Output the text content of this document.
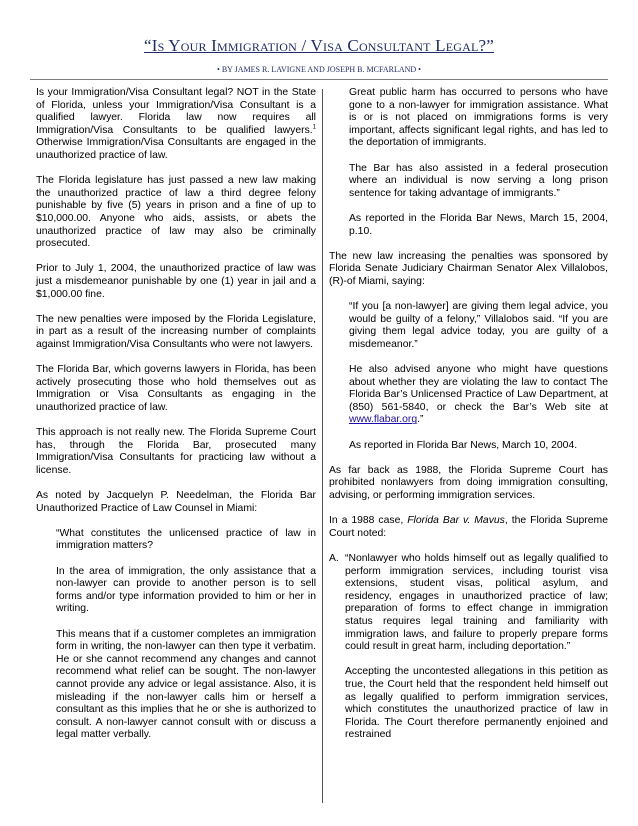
“Is Your Immigration / Visa Consultant Legal?”
• BY JAMES R. LAVIGNE AND JOSEPH B. MCFARLAND •

Is your Immigration/Visa Consultant legal? NOT in the State of Florida, unless your Immigration/Visa Consultant is a qualified lawyer. Florida law now requires all Immigration/Visa Consultants to be qualified lawyers.$^1$ Otherwise Immigration/Visa Consultants are engaged in the unauthorized practice of law.

The Florida legislature has just passed a new law making the unauthorized practice of law a third degree felony punishable by five (5) years in prison and a fine of up to $10,000.00. Anyone who aids, assists, or abets the unauthorized practice of law may also be criminally prosecuted.

Prior to July 1, 2004, the unauthorized practice of law was just a misdemeanor punishable by one (1) year in jail and a $1,000.00 fine.

The new penalties were imposed by the Florida Legislature, in part as a result of the increasing number of complaints against Immigration/Visa Consultants who were not lawyers.

The Florida Bar, which governs lawyers in Florida, has been actively prosecuting those who hold themselves out as Immigration or Visa Consultants as engaging in the unauthorized practice of law.

This approach is not really new. The Florida Supreme Court has, through the Florida Bar, prosecuted many Immigration/Visa Consultants for practicing law without a license.

As noted by Jacquelyn P. Needelman, the Florida Bar Unauthorized Practice of Law Counsel in Miami:

“What constitutes the unlicensed practice of law in immigration matters?

In the area of immigration, the only assistance that a non-lawyer can provide to another person is to sell forms and/or type information provided to him or her in writing.

This means that if a customer completes an immigration form in writing, the non-lawyer can then type it verbatim. He or she cannot recommend any changes and cannot recommend what relief can be sought. The non-lawyer cannot provide any advice or legal assistance. Also, it is misleading if the non-lawyer calls him or herself a consultant as this implies that he or she is authorized to consult. A non-lawyer cannot consult with or discuss a legal matter verbally.

Great public harm has occurred to persons who have gone to a non-lawyer for immigration assistance. What is or is not placed on immigrations forms is very important, affects significant legal rights, and has led to the deportation of immigrants.

The Bar has also assisted in a federal prosecution where an individual is now serving a long prison sentence for taking advantage of immigrants.”

As reported in the Florida Bar News, March 15, 2004, p.10.

The new law increasing the penalties was sponsored by Florida Senate Judiciary Chairman Senator Alex Villalobos, (R)-of Miami, saying:

“If you [a non-lawyer] are giving them legal advice, you would be guilty of a felony,” Villalobos said. “If you are giving them legal advice today, you are guilty of a misdemeanor.”

He also advised anyone who might have questions about whether they are violating the law to contact The Florida Bar’s Unlicensed Practice of Law Department, at (850) 561-5840, or check the Bar’s Web site at www.flabar.org.”

As reported in Florida Bar News, March 10, 2004.

As far back as 1988, the Florida Supreme Court has prohibited nonlawyers from doing immigration consulting, advising, or performing immigration services.

In a 1988 case, Florida Bar v. Mavus, the Florida Supreme Court noted:

A. “Nonlawyer who holds himself out as legally qualified to perform immigration services, including tourist visa extensions, student visas, political asylum, and residency, engages in unauthorized practice of law; preparation of forms to effect change in immigration status requires legal training and familiarity with immigration laws, and failure to properly prepare forms could result in great harm, including deportation.”

Accepting the uncontested allegations in this petition as true, the Court held that the respondent held himself out as legally qualified to perform immigration services, which constitutes the unauthorized practice of law in Florida. The Court therefore permanently enjoined and restrained
